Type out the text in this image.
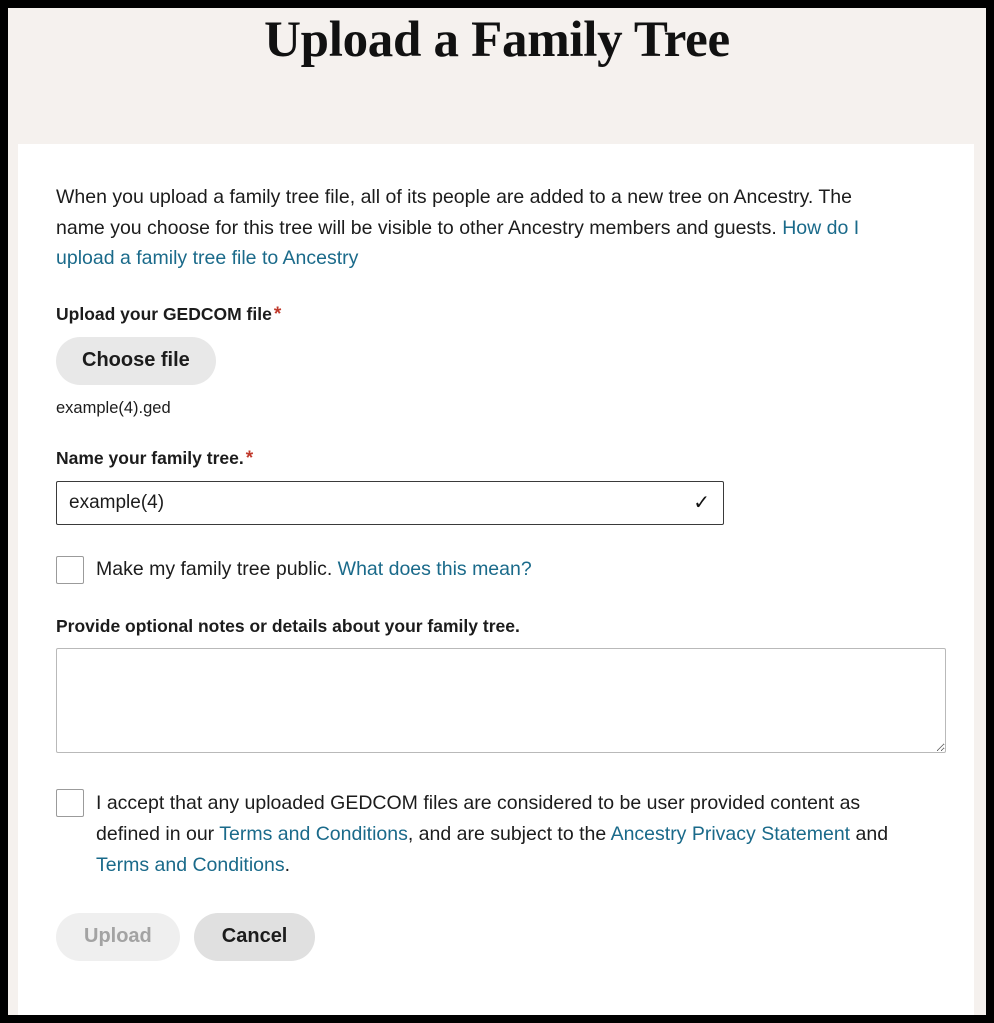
Upload a Family Tree

When you upload a family tree file, all of its people are added to a new tree on Ancestry. The name you choose for this tree will be visible to other Ancestry members and guests. How do I upload a family tree file to Ancestry

Upload your GEDCOM file *
Choose file
example(4).ged
Name your family tree. *
example(4)
✓
Make my family tree public. What does this mean?
Provide optional notes or details about your family tree.
I accept that any uploaded GEDCOM files are considered to be user provided content as defined in our Terms and Conditions, and are subject to the Ancestry Privacy Statement and Terms and Conditions.
Upload	Cancel
